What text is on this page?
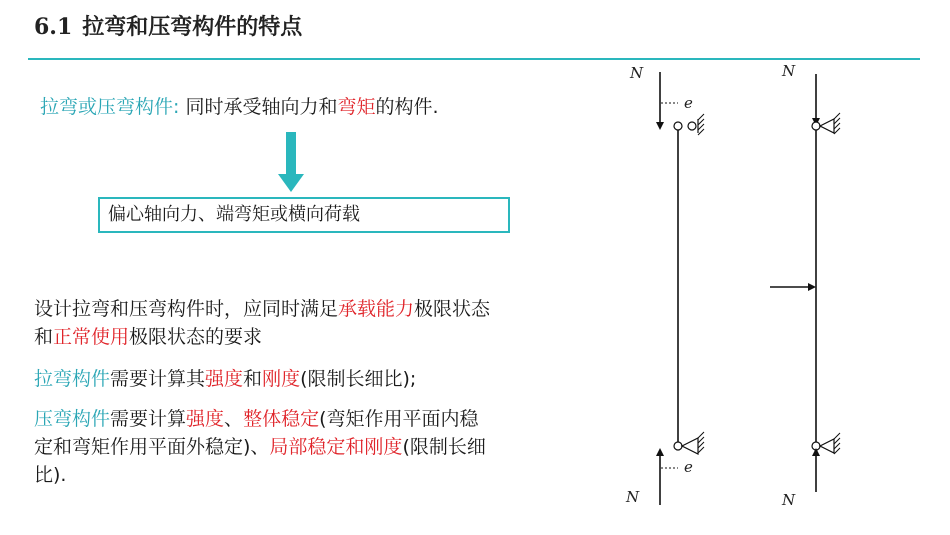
6.1 拉弯和压弯构件的特点
拉弯或压弯构件: 同时承受轴向力和弯矩的构件.
偏心轴向力、端弯矩或横向荷载
设计拉弯和压弯构件时，应同时满足承载能力极限状态
和正常使用极限状态的要求
拉弯构件需要计算其强度和刚度(限制长细比);
压弯构件需要计算强度、整体稳定(弯矩作用平面内稳
定和弯矩作用平面外稳定)、局部稳定和刚度(限制长细
比).
N
e
e
N
N
N
